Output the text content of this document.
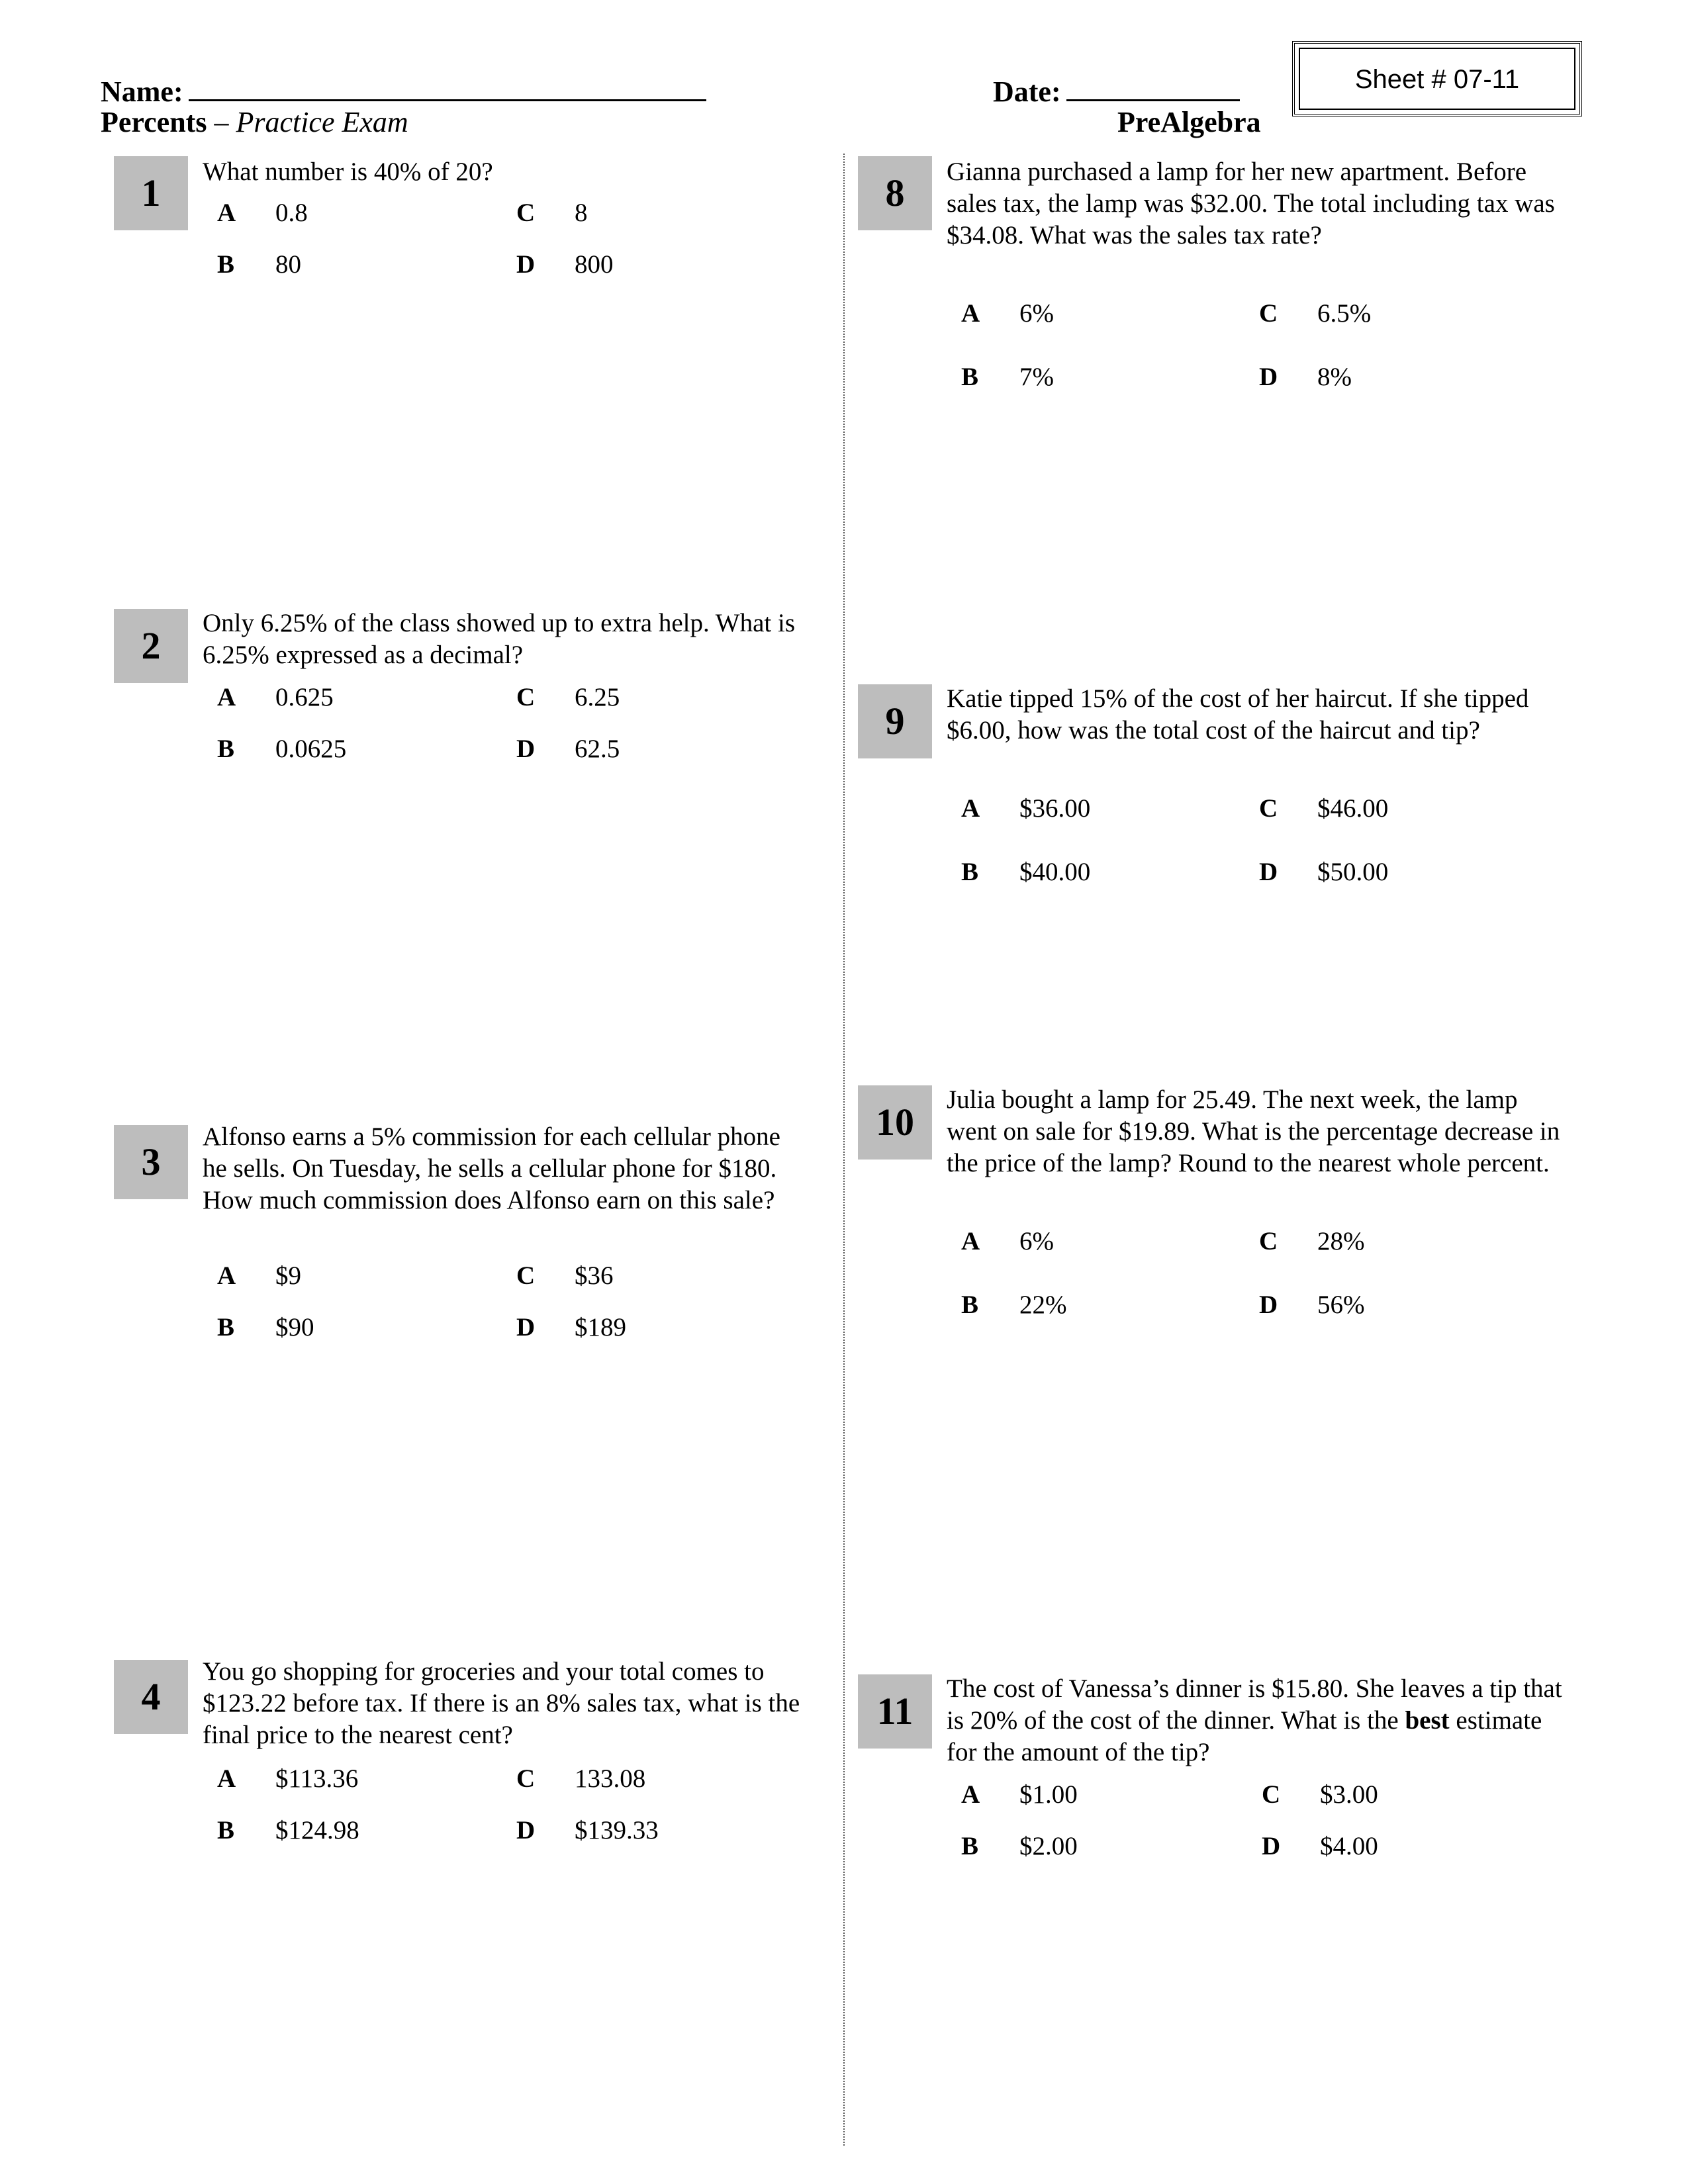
Name:
Percents – Practice Exam
Date:
PreAlgebra
Sheet # 07-11
1	What number is 40% of 20?
A 0.8	C 8
B 80	D 800
2
Only 6.25% of the class showed up to extra help. What is 6.25% expressed as a decimal?
A 0.625	C 6.25
B 0.0625	D 62.5
3
Alfonso earns a 5% commission for each cellular phone he sells. On Tuesday, he sells a cellular phone for $180. How much commission does Alfonso earn on this sale?
A $9	C $36
B $90	D $189
4
You go shopping for groceries and your total comes to $123.22 before tax. If there is an 8% sales tax, what is the final price to the nearest cent?
A $113.36	C 133.08
B $124.98	D $139.33
8	Gianna purchased a lamp for her new apartment. Before sales tax, the lamp was $32.00. The total including tax was $34.08. What was the sales tax rate?
A 6%	C 6.5%
B 7%	D 8%
9
Katie tipped 15% of the cost of her haircut. If she tipped $6.00, how was the total cost of the haircut and tip?
A $36.00	C $46.00
B $40.00	D $50.00
10
Julia bought a lamp for 25.49. The next week, the lamp went on sale for $19.89. What is the percentage decrease in the price of the lamp? Round to the nearest whole percent.
A 6%	C 28%
B 22%	D 56%
11
The cost of Vanessa’s dinner is $15.80. She leaves a tip that is 20% of the cost of the dinner. What is the best estimate for the amount of the tip?
A $1.00	C $3.00
B $2.00	D $4.00
